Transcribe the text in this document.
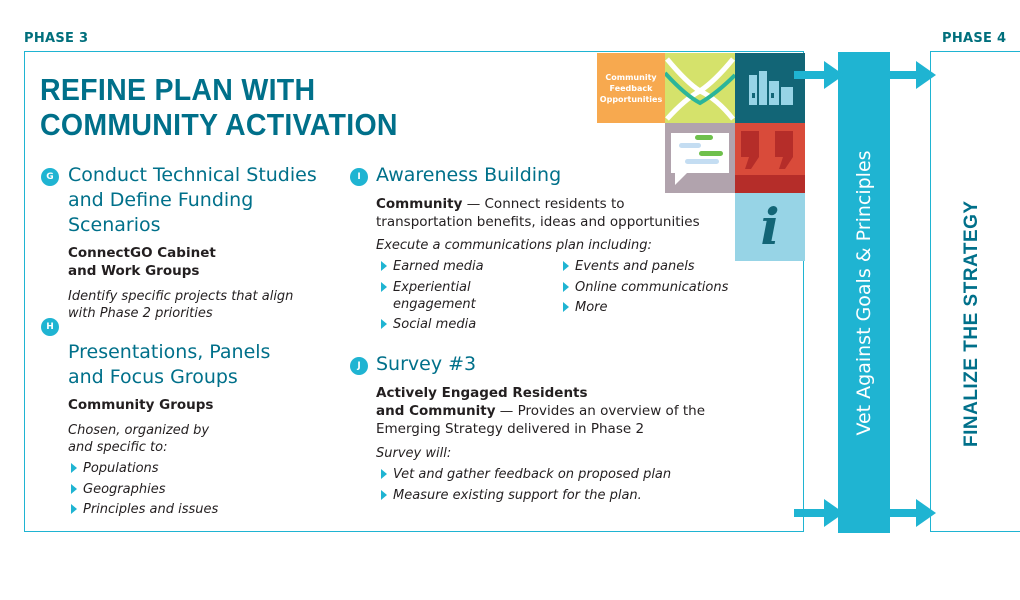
PHASE 3	PHASE 4
REFINE PLAN WITH
COMMUNITY ACTIVATION
G Conduct Technical Studies
and Define Funding
Scenarios
ConnectGO Cabinet
and Work Groups
Identify specific projects that align
with Phase 2 priorities
H
Presentations, Panels
and Focus Groups
Community Groups
Chosen, organized by
and specific to:
Populations
Geographies
Principles and issues
I Awareness Building
Community — Connect residents to
transportation benefits, ideas and opportunities
Execute a communications plan including:
Earned media
Experiential engagement
Social media
Events and panels
Online communications
More
J Survey #3
Actively Engaged Residents
and Community — Provides an overview of the
Emerging Strategy delivered in Phase 2
Survey will:
Vet and gather feedback on proposed plan
Measure existing support for the plan.
Community
Feedback
Opportunities
i	Vet Against Goals & Principles	FINALIZE THE STRATEGY
